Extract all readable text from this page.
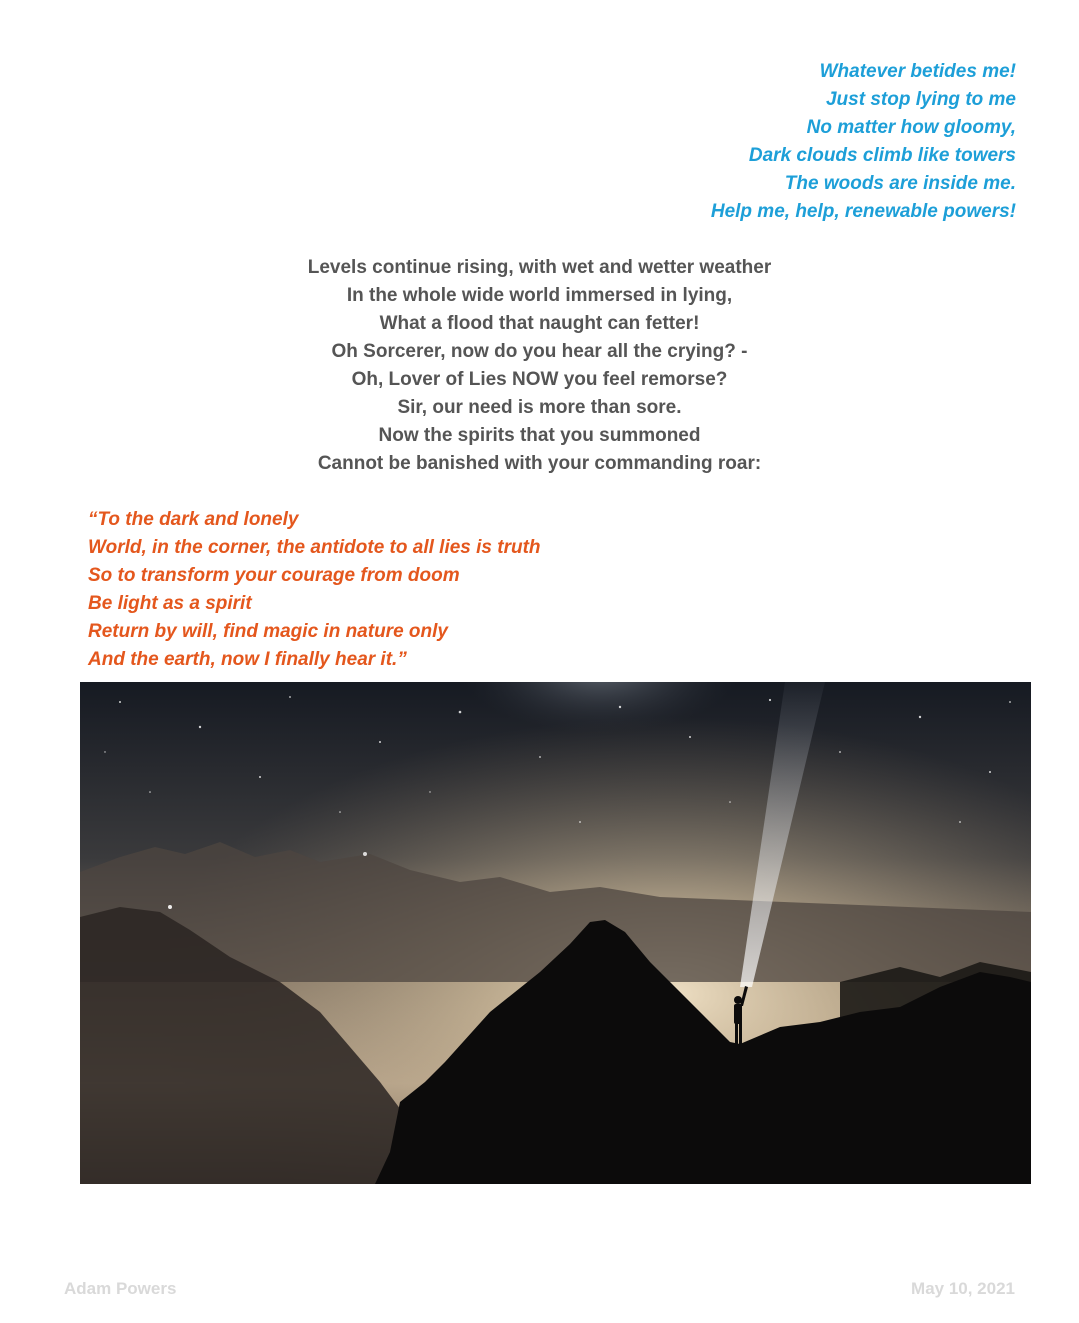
Whatever betides me!
Just stop lying to me
No matter how gloomy,
Dark clouds climb like towers
The woods are inside me.
Help me, help, renewable powers!
Levels continue rising, with wet and wetter weather
In the whole wide world immersed in lying,
What a flood that naught can fetter!
Oh Sorcerer, now do you hear all the crying? -
Oh, Lover of Lies NOW you feel remorse?
Sir, our need is more than sore.
Now the spirits that you summoned
Cannot be banished with your commanding roar:
“To the dark and lonely
World, in the corner, the antidote to all lies is truth
So to transform your courage from doom
Be light as a spirit
Return by will, find magic in nature only
And the earth, now I finally hear it.”
Adam Powers	May 10, 2021
